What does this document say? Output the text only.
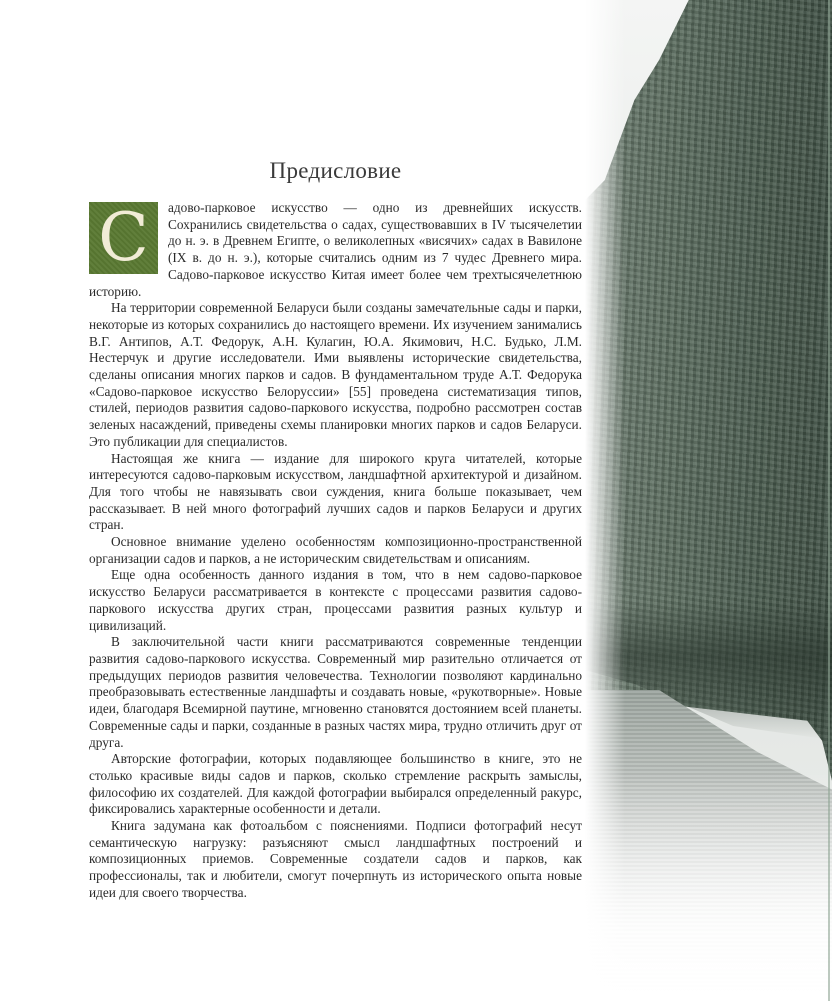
Предисловие
С	адово-парковое искусство — одно из древнейших искусств. Сохранились свидетельства о садах, существовавших в IV тысячелетии до н. э. в Древнем Египте, о великолепных «висячих» садах в Вавилоне (IX в. до н. э.), которые считались одним из 7 чудес Древнего мира. Садово-парковое искусство Китая имеет более чем трехтысячелетнюю историю.

На территории современной Беларуси были созданы замечательные сады и парки, некоторые из которых сохранились до настоящего времени. Их изучением занимались В.Г. Антипов, А.Т. Федорук, А.Н. Кулагин, Ю.А. Якимович, Н.С. Будько, Л.М. Нестерчук и другие исследователи. Ими выявлены исторические свидетельства, сделаны описания многих парков и садов. В фундаментальном труде А.Т. Федорука «Садово-парковое искусство Белоруссии» [55] проведена систематизация типов, стилей, периодов развития садово-паркового искусства, подробно рассмотрен состав зеленых насаждений, приведены схемы планировки многих парков и садов Беларуси. Это публикации для специалистов.

Настоящая же книга — издание для широкого круга читателей, которые интересуются садово-парковым искусством, ландшафтной архитектурой и дизайном. Для того чтобы не навязывать свои суждения, книга больше показывает, чем рассказывает. В ней много фотографий лучших садов и парков Беларуси и других стран.

Основное внимание уделено особенностям композиционно-пространственной организации садов и парков, а не историческим свидетельствам и описаниям.

Еще одна особенность данного издания в том, что в нем садово-парковое искусство Беларуси рассматривается в контексте с процессами развития садово-паркового искусства других стран, процессами развития разных культур и цивилизаций.

В заключительной части книги рассматриваются современные тенденции развития садово-паркового искусства. Современный мир разительно отличается от предыдущих периодов развития человечества. Технологии позволяют кардинально преобразовывать естественные ландшафты и создавать новые, «рукотворные». Новые идеи, благодаря Всемирной паутине, мгновенно становятся достоянием всей планеты. Современные сады и парки, созданные в разных частях мира, трудно отличить друг от друга.

Авторские фотографии, которых подавляющее большинство в книге, это не столько красивые виды садов и парков, сколько стремление раскрыть замыслы, философию их создателей. Для каждой фотографии выбирался определенный ракурс, фиксировались характерные особенности и детали.

Книга задумана как фотоальбом с пояснениями. Подписи фотографий несут семантическую нагрузку: разъясняют смысл ландшафтных построений и композиционных приемов. Современные создатели садов и парков, как профессионалы, так и любители, смогут почерпнуть из исторического опыта новые идеи для своего творчества.
